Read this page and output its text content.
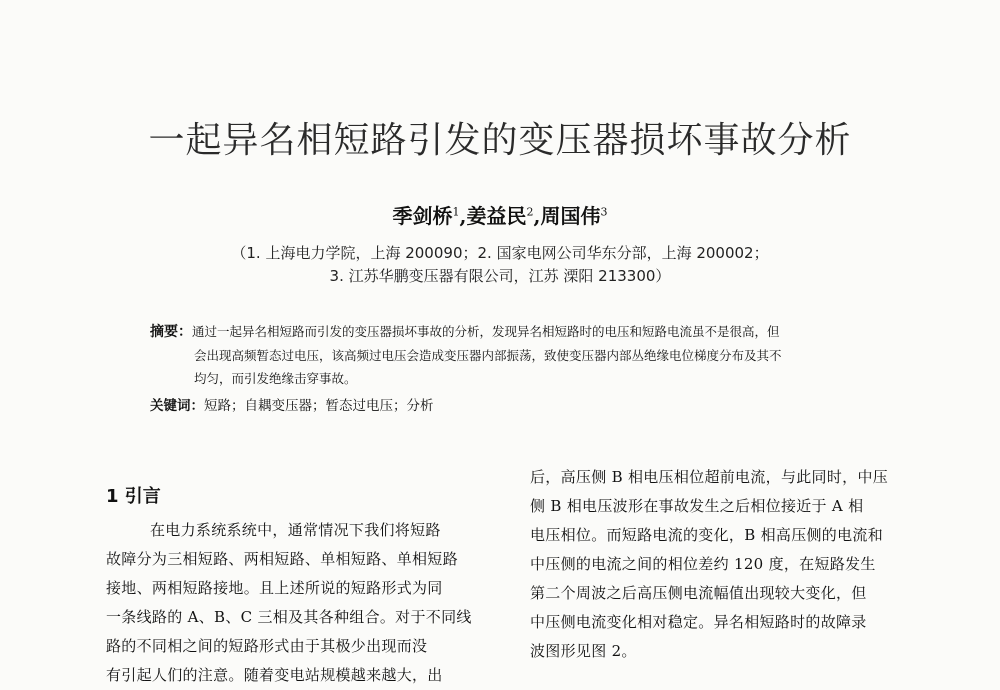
一起异名相短路引发的变压器损坏事故分析
季剑桥$^1$,姜益民$^2$,周国伟$^3$
（1. 上海电力学院，上海 200090；2. 国家电网公司华东分部，上海 200002；
3. 江苏华鹏变压器有限公司，江苏 溧阳 213300）
摘要：通过一起异名相短路而引发的变压器损坏事故的分析，发现异名相短路时的电压和短路电流虽不是很高，但
会出现高频暂态过电压，该高频过电压会造成变压器内部振荡，致使变压器内部丛绝缘电位梯度分布及其不
均匀，而引发绝缘击穿事故。
关键词：短路；自耦变压器；暂态过电压；分析
1 引言
在电力系统系统中，通常情况下我们将短路
故障分为三相短路、两相短路、单相短路、单相短路
接地、两相短路接地。且上述所说的短路形式为同
一条线路的 A、B、C 三相及其各种组合。对于不同线
路的不同相之间的短路形式由于其极少出现而没
有引起人们的注意。随着变电站规模越来越大，出
后，高压侧 B 相电压相位超前电流，与此同时，中压
侧 B 相电压波形在事故发生之后相位接近于 A 相
电压相位。而短路电流的变化，B 相高压侧的电流和
中压侧的电流之间的相位差约 120 度，在短路发生
第二个周波之后高压侧电流幅值出现较大变化，但
中压侧电流变化相对稳定。异名相短路时的故障录
波图形见图 2。
